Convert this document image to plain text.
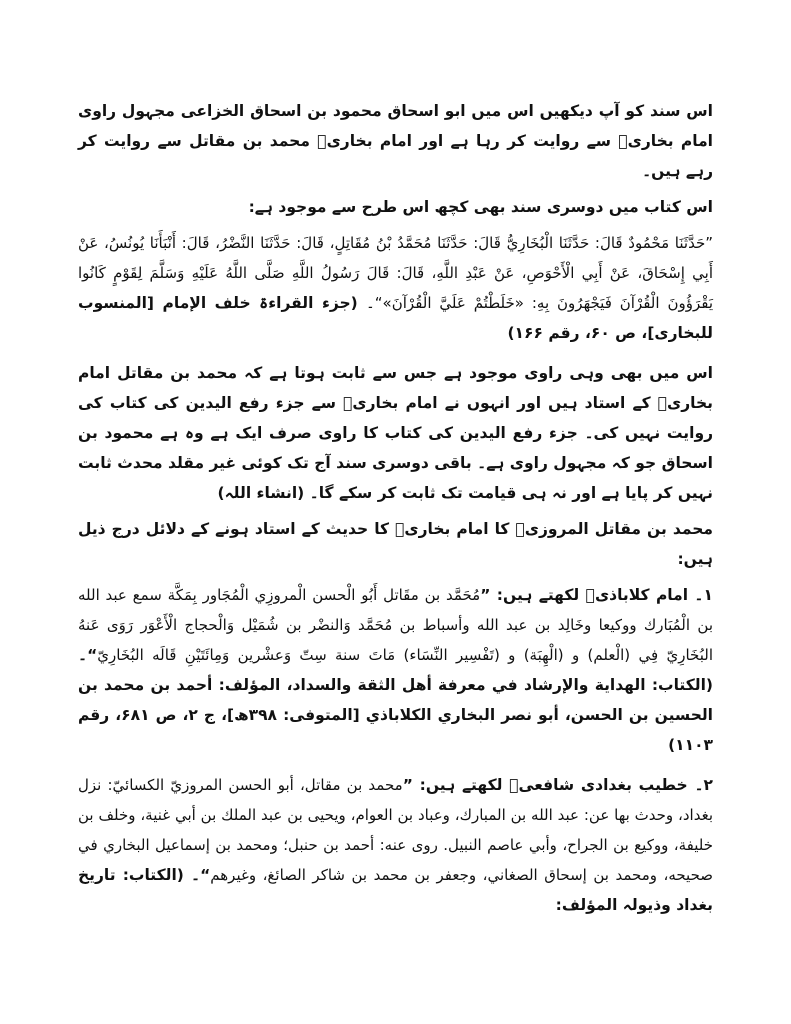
اس سند کو آپ دیکھیں اس میں ابو اسحاق محمود بن اسحاق الخزاعی مجہول راوی امام بخاریؒ سے روایت کر رہا ہے اور امام بخاریؒ محمد بن مقاتل سے روایت کر رہے ہیں۔

اس کتاب میں دوسری سند بھی کچھ اس طرح سے موجود ہے:

”حَدَّثَنَا مَحْمُودٌ قَالَ: حَدَّثَنَا الْبُخَارِيُّ قَالَ: حَدَّثَنَا مُحَمَّدُ بْنُ مُقَاتِلٍ، قَالَ: حَدَّثَنَا النَّضْرُ، قَالَ: أَنْبَأَنَا يُونُسُ، عَنْ أَبِي إِسْحَاقَ، عَنْ أَبِي الْأَحْوَصِ، عَنْ عَبْدِ اللَّهِ، قَالَ: قَالَ رَسُولُ اللَّهِ صَلَّى اللَّهُ عَلَيْهِ وَسَلَّمَ لِقَوْمٍ كَانُوا يَقْرَؤُونَ الْقُرْآنَ فَيَجْهَرُونَ بِهِ: «خَلَطْتُمْ عَلَيَّ الْقُرْآنَ»“۔ (جزء القراءۃ خلف الإمام [المنسوب للبخاری]، ص ۶۰، رقم ۱۶۶)

اس میں بھی وہی راوی موجود ہے جس سے ثابت ہوتا ہے کہ محمد بن مقاتل امام بخاریؒ کے استاد ہیں اور انہوں نے امام بخاریؒ سے جزء رفع الیدین کی کتاب کی روایت نہیں کی۔ جزء رفع الیدین کی کتاب کا راوی صرف ایک ہے وہ ہے محمود بن اسحاق جو کہ مجہول راوی ہے۔ باقی دوسری سند آج تک کوئی غیر مقلد محدث ثابت نہیں کر پایا ہے اور نہ ہی قیامت تک ثابت کر سکے گا۔ (انشاء اللہ)

محمد بن مقاتل المروزیؒ کا امام بخاریؒ کا حدیث کے استاد ہونے کے دلائل درج ذیل ہیں:

۱۔ امام کلاباذیؒ لکھتے ہیں: ”مُحَمَّد بن مقَاتل أَبُو الْحسن الْمروزِي الْمُجَاور بِمَكَّة سمع عبد الله بن الْمُبَارك ووكيعا وخَالِد بن عبد الله وأسباط بن مُحَمَّد وَالنضْر بن شُمَيْل وَالْحجاج الْأَعْوَر رَوَى عَنهُ البُخَارِيّ فِي (الْعلم) و (الْهِبَة) و (تَفْسِير النِّسَاء) مَاتَ سنة سِتّ وَعشْرين وَمِائَتَيْنِ قَالَه البُخَارِيّ“۔ (الکتاب: الهداية والإرشاد في معرفة أهل الثقة والسداد، المؤلف: أحمد بن محمد بن الحسين بن الحسن، أبو نصر البخاري الكلاباذي [المتوفى: ۳۹۸ھ]، ج ۲، ص ۶۸۱، رقم ۱۱۰۳)

۲۔ خطیب بغدادی شافعیؒ لکھتے ہیں: ”محمد بن مقاتل، أبو الحسن المروزيّ الكسائيّ: نزل بغداد، وحدث بها عن: عبد الله بن المبارك، وعباد بن العوام، ويحيى بن عبد الملك بن أبي غنية، وخلف بن خليفة، ووكيع بن الجراح، وأبي عاصم النبيل. روى عنه: أحمد بن حنبل؛ ومحمد بن إسماعيل البخاري في صحيحه، ومحمد بن إسحاق الصغاني، وجعفر بن محمد بن شاكر الصائغ، وغيرهم“۔ (الکتاب: تاریخ بغداد وذیولہ المؤلف:
